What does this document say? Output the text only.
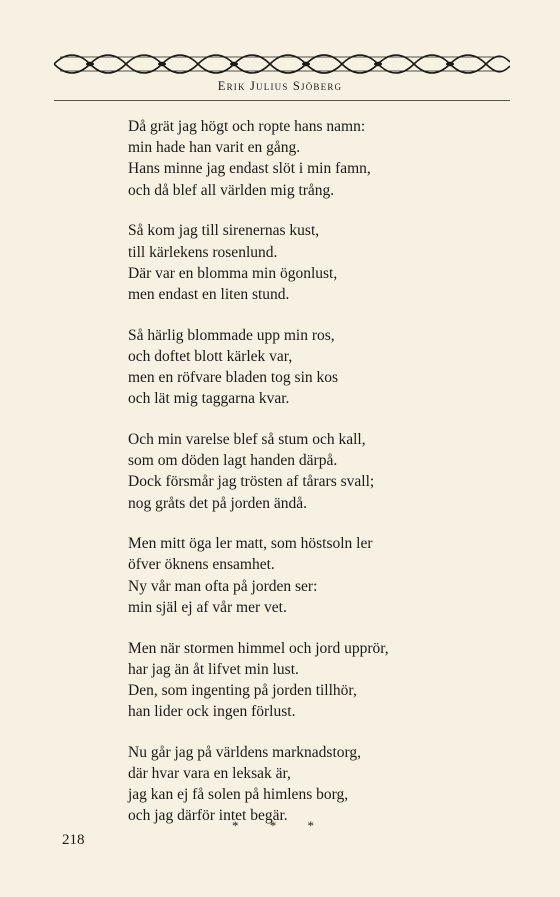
Erik Julius Sjöberg
Då grät jag högt och ropte hans namn:
min hade han varit en gång.
Hans minne jag endast slöt i min famn,
och då blef all världen mig trång.
Så kom jag till sirenernas kust,
till kärlekens rosenlund.
Där var en blomma min ögonlust,
men endast en liten stund.
Så härlig blommade upp min ros,
och doftet blott kärlek var,
men en röfvare bladen tog sin kos
och lät mig taggarna kvar.
Och min varelse blef så stum och kall,
som om döden lagt handen därpå.
Dock försmår jag trösten af tårars svall;
nog gråts det på jorden ändå.
Men mitt öga ler matt, som höstsoln ler
öfver öknens ensamhet.
Ny vår man ofta på jorden ser:
min själ ej af vår mer vet.
Men när stormen himmel och jord upprör,
har jag än åt lifvet min lust.
Den, som ingenting på jorden tillhör,
han lider ock ingen förlust.
Nu går jag på världens marknadstorg,
där hvar vara en leksak är,
jag kan ej få solen på himlens borg,
och jag därför intet begär.
* * *
218
